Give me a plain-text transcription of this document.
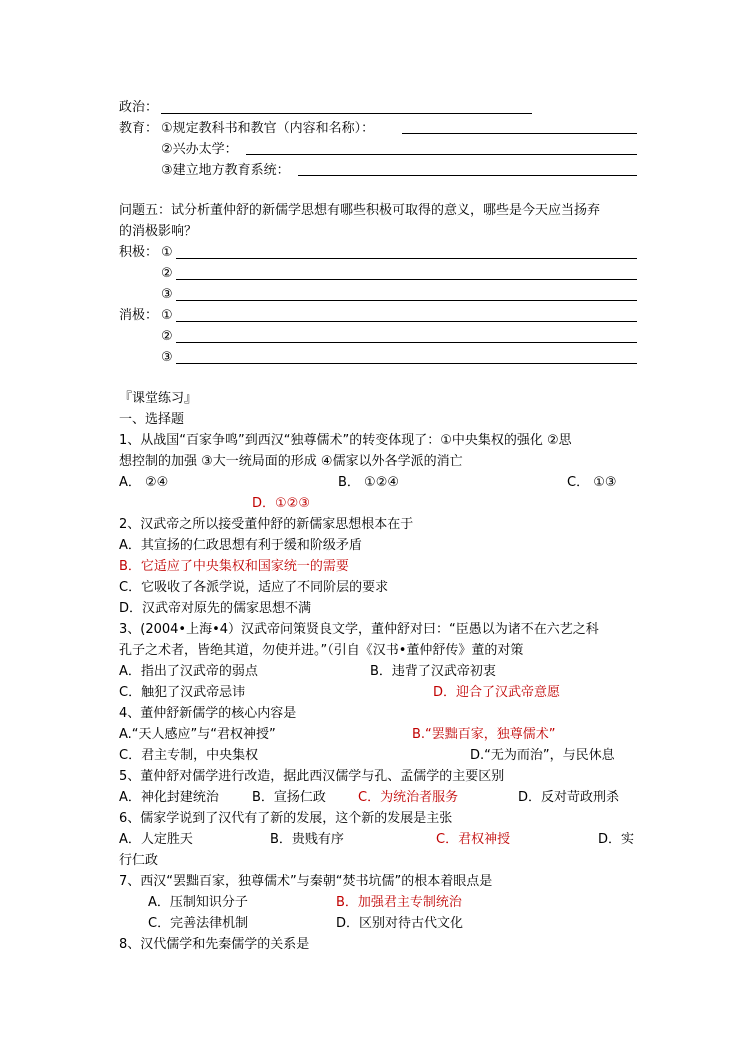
政治：
教育： ①规定教科书和教官（内容和名称）：
②兴办太学：
③建立地方教育系统：
问题五：试分析董仲舒的新儒学思想有哪些积极可取得的意义，哪些是今天应当扬弃
的消极影响？
积极： ①
②
③
消极： ①
②
③
『课堂练习』
一、选择题
1、从战国“百家争鸣”到西汉“独尊儒术”的转变体现了：①中央集权的强化 ②思
想控制的加强 ③大一统局面的形成 ④儒家以外各学派的消亡
A． ②④	B． ①②④	C． ①③
D．①②③
2、汉武帝之所以接受董仲舒的新儒家思想根本在于
A．其宣扬的仁政思想有利于缓和阶级矛盾
B．它适应了中央集权和国家统一的需要
C．它吸收了各派学说，适应了不同阶层的要求
D．汉武帝对原先的儒家思想不满
3、(2004•上海•4）汉武帝问策贤良文学，董仲舒对曰：“臣愚以为诸不在六艺之科
孔子之术者，皆绝其道，勿使并进。”（引自《汉书•董仲舒传》董的对策
A．指出了汉武帝的弱点	B．违背了汉武帝初衷
C．触犯了汉武帝忌讳	D．迎合了汉武帝意愿
4、董仲舒新儒学的核心内容是
A.“天人感应”与“君权神授”	B.“罢黜百家，独尊儒术”
C．君主专制，中央集权	D.“无为而治”，与民休息
5、董仲舒对儒学进行改造，据此西汉儒学与孔、孟儒学的主要区别
A．神化封建统治	B．宣扬仁政 C．为统治者服务	D．反对苛政刑杀
6、儒家学说到了汉代有了新的发展，这个新的发展是主张
A．人定胜天	B．贵贱有序	C．君权神授	D．实
行仁政
7、西汉“罢黜百家，独尊儒术”与秦朝“焚书坑儒”的根本着眼点是
A．压制知识分子	B．加强君主专制统治
C．完善法律机制	D．区别对待古代文化
8、汉代儒学和先秦儒学的关系是
